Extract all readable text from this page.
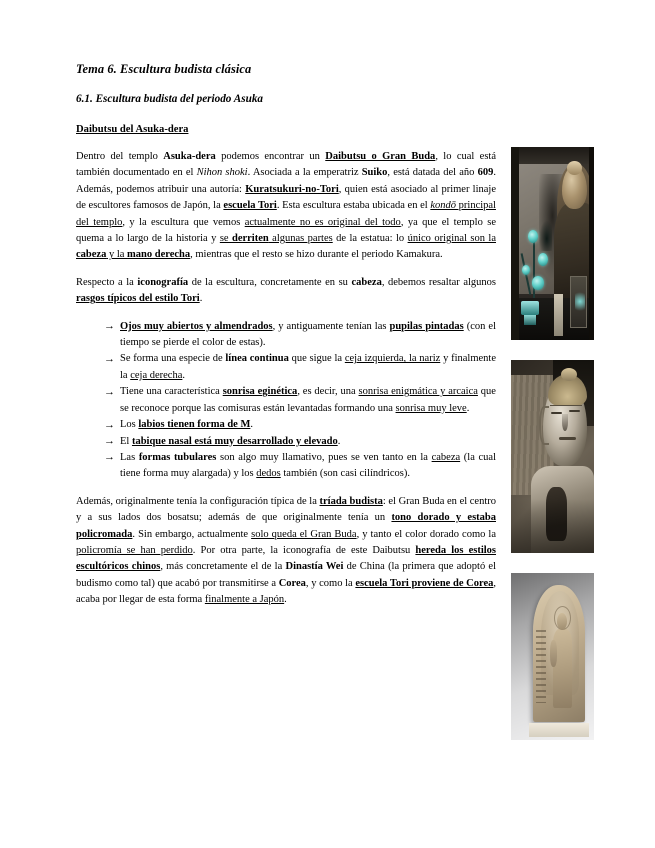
Tema 6. Escultura budista clásica
6.1. Escultura budista del periodo Asuka
Daibutsu del Asuka-dera

Dentro del templo Asuka-dera podemos encontrar un Daibutsu o Gran Buda, lo cual está también documentado en el Nihon shoki. Asociada a la emperatriz Suiko, está datada del año 609. Además, podemos atribuir una autoría: Kuratsukuri-no-Tori, quien está asociado al primer linaje de escultores famosos de Japón, la escuela Tori. Esta escultura estaba ubicada en el kondō principal del templo, y la escultura que vemos actualmente no es original del todo, ya que el templo se quema a lo largo de la historia y se derriten algunas partes de la estatua: lo único original son la cabeza y la mano derecha, mientras que el resto se hizo durante el periodo Kamakura.

Respecto a la iconografía de la escultura, concretamente en su cabeza, debemos resaltar algunos rasgos típicos del estilo Tori.

→ Ojos muy abiertos y almendrados, y antiguamente tenían las pupilas pintadas (con el tiempo se pierde el color de estas).
→ Se forma una especie de línea continua que sigue la ceja izquierda, la nariz y finalmente la ceja derecha.
→ Tiene una característica sonrisa eginética, es decir, una sonrisa enigmática y arcaica que se reconoce porque las comisuras están levantadas formando una sonrisa muy leve.
→ Los labios tienen forma de M.
→ El tabique nasal está muy desarrollado y elevado.
→ Las formas tubulares son algo muy llamativo, pues se ven tanto en la cabeza (la cual tiene forma muy alargada) y los dedos también (son casi cilíndricos).

Además, originalmente tenía la configuración típica de la tríada budista: el Gran Buda en el centro y a sus lados dos bosatsu; además de que originalmente tenía un tono dorado y estaba policromada. Sin embargo, actualmente solo queda el Gran Buda, y tanto el color dorado como la policromía se han perdido. Por otra parte, la iconografía de este Daibutsu hereda los estilos escultóricos chinos, más concretamente el de la Dinastía Wei de China (la primera que adoptó el budismo como tal) que acabó por transmitirse a Corea, y como la escuela Tori proviene de Corea, acaba por llegar de esta forma finalmente a Japón.
